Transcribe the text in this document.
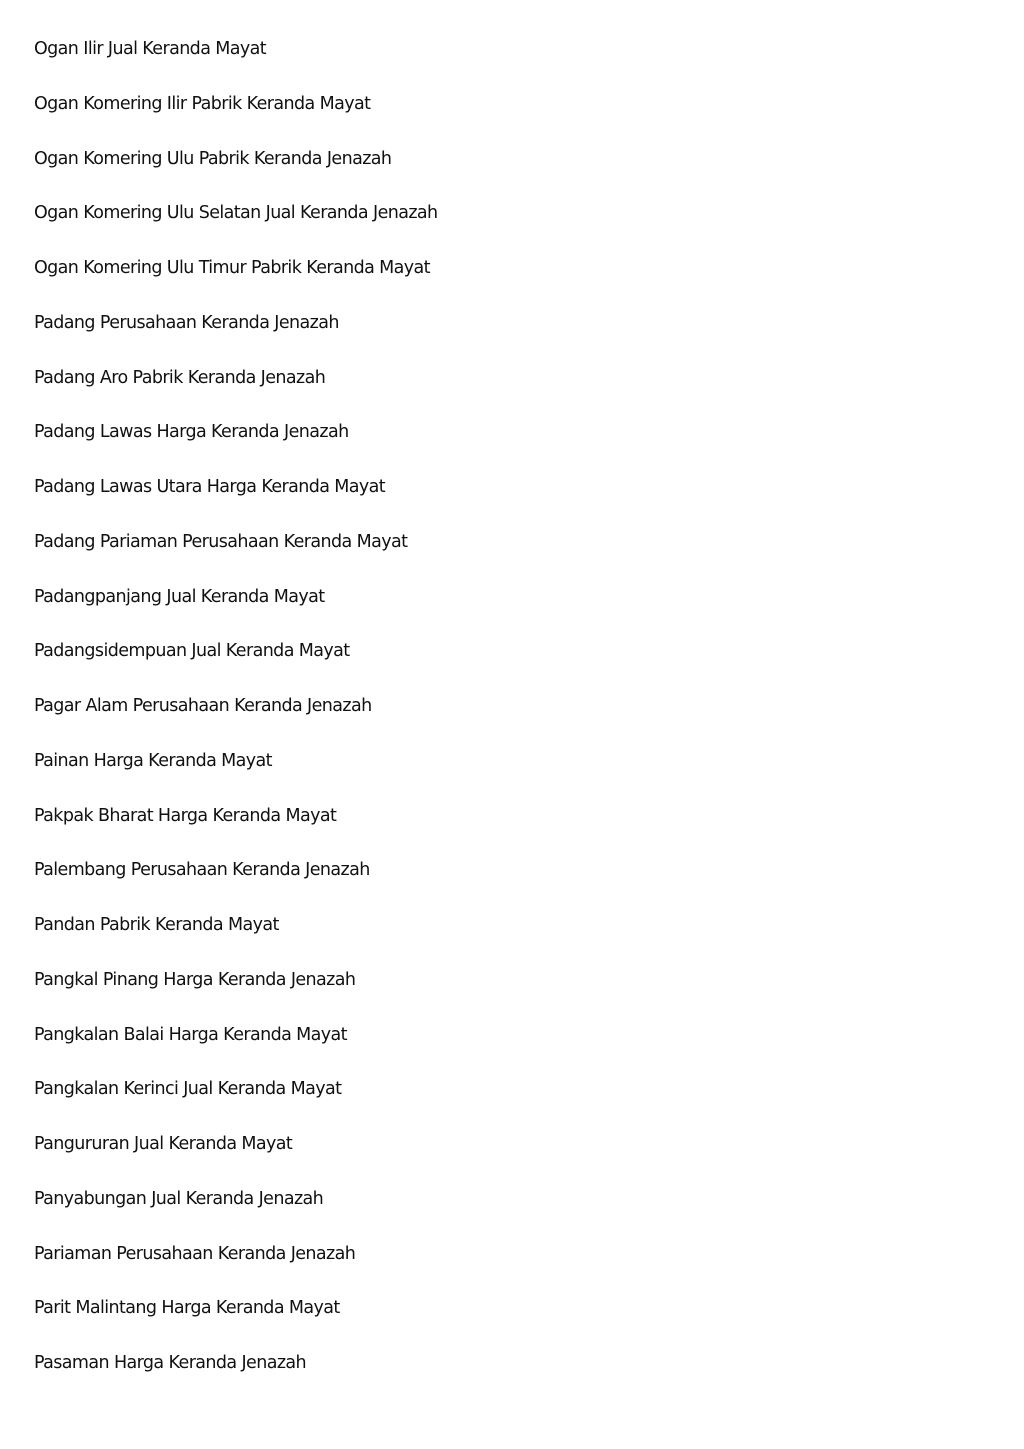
Ogan Ilir Jual Keranda Mayat
Ogan Komering Ilir Pabrik Keranda Mayat
Ogan Komering Ulu Pabrik Keranda Jenazah
Ogan Komering Ulu Selatan Jual Keranda Jenazah
Ogan Komering Ulu Timur Pabrik Keranda Mayat
Padang Perusahaan Keranda Jenazah
Padang Aro Pabrik Keranda Jenazah
Padang Lawas Harga Keranda Jenazah
Padang Lawas Utara Harga Keranda Mayat
Padang Pariaman Perusahaan Keranda Mayat
Padangpanjang Jual Keranda Mayat
Padangsidempuan Jual Keranda Mayat
Pagar Alam Perusahaan Keranda Jenazah
Painan Harga Keranda Mayat
Pakpak Bharat Harga Keranda Mayat
Palembang Perusahaan Keranda Jenazah
Pandan Pabrik Keranda Mayat
Pangkal Pinang Harga Keranda Jenazah
Pangkalan Balai Harga Keranda Mayat
Pangkalan Kerinci Jual Keranda Mayat
Pangururan Jual Keranda Mayat
Panyabungan Jual Keranda Jenazah
Pariaman Perusahaan Keranda Jenazah
Parit Malintang Harga Keranda Mayat
Pasaman Harga Keranda Jenazah
